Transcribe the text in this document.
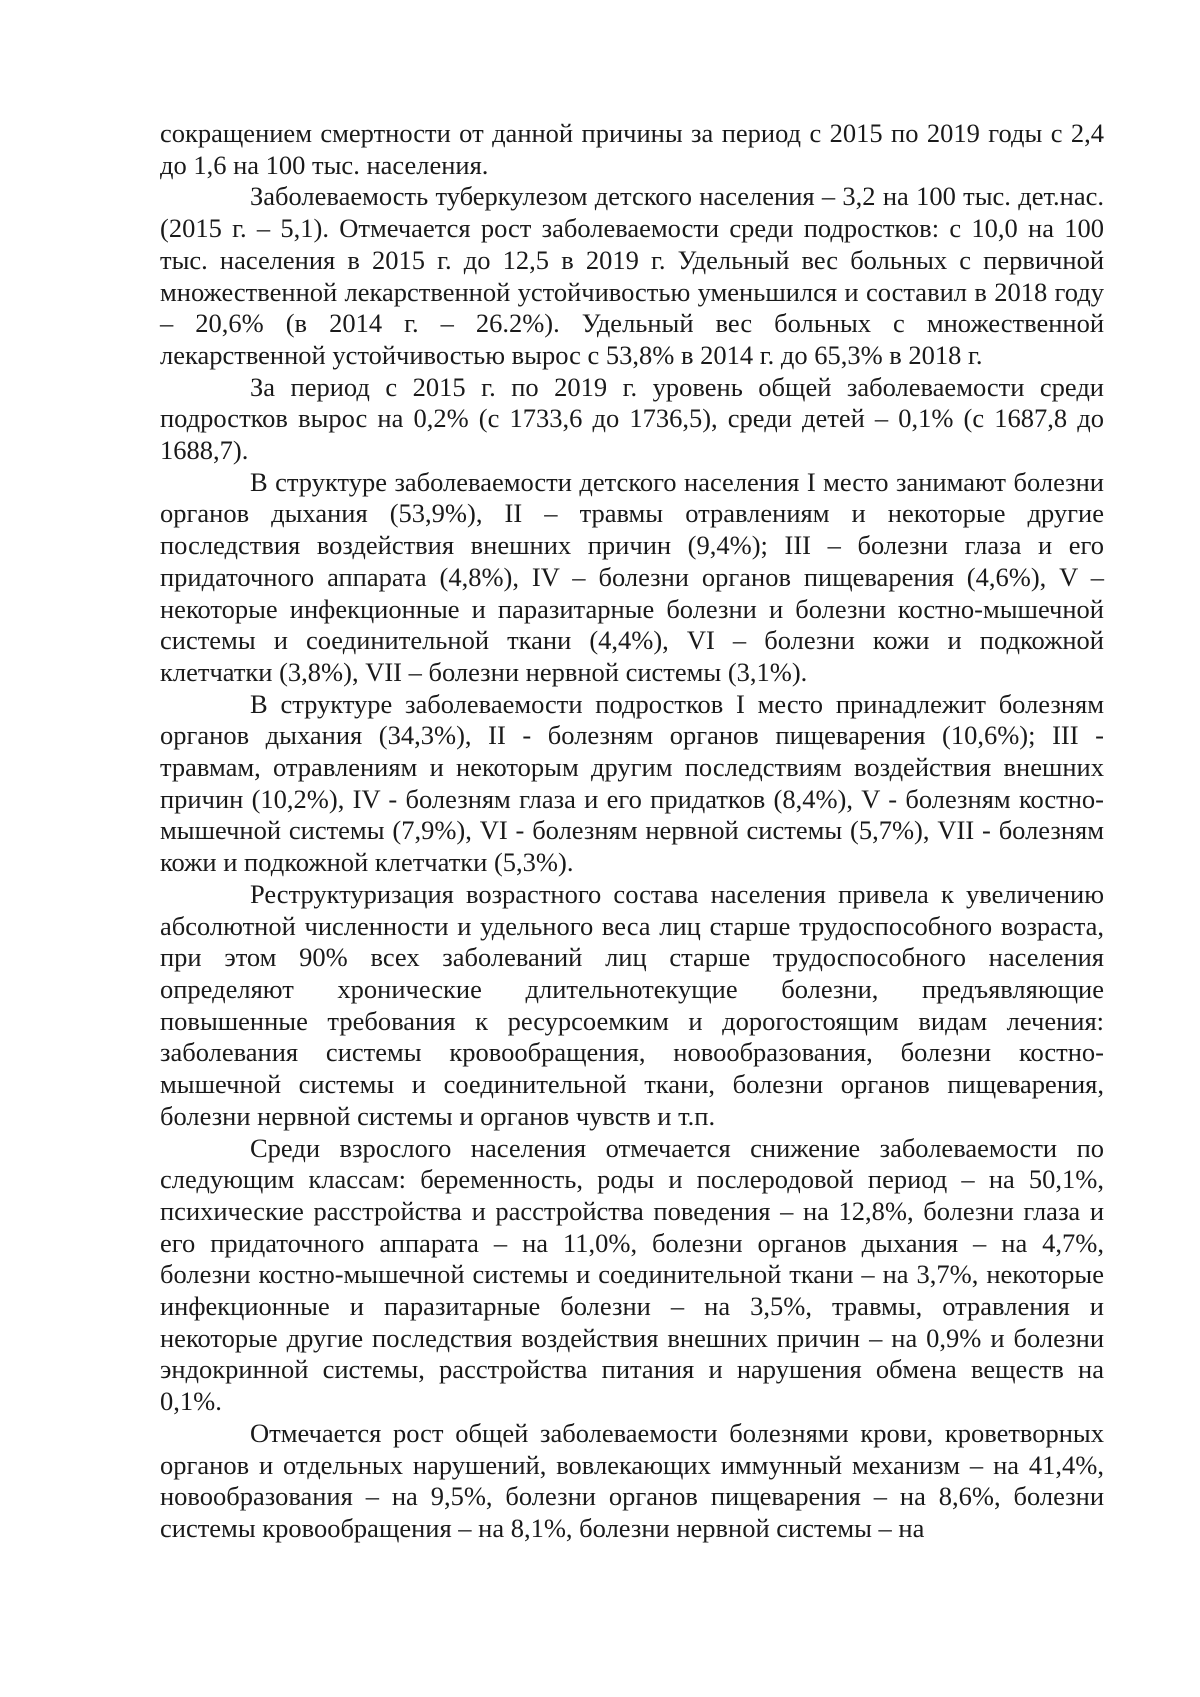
сокращением смертности от данной причины за период с 2015 по 2019 годы с 2,4 до 1,6 на 100 тыс. населения.

Заболеваемость туберкулезом детского населения – 3,2 на 100 тыс. дет.нас. (2015 г. – 5,1). Отмечается рост заболеваемости среди подростков: с 10,0 на 100 тыс. населения в 2015 г. до 12,5 в 2019 г. Удельный вес больных с первичной множественной лекарственной устойчивостью уменьшился и составил в 2018 году – 20,6% (в 2014 г. – 26.2%). Удельный вес больных с множественной лекарственной устойчивостью вырос с 53,8% в 2014 г. до 65,3% в 2018 г.

За период с 2015 г. по 2019 г. уровень общей заболеваемости среди подростков вырос на 0,2% (с 1733,6 до 1736,5), среди детей – 0,1% (с 1687,8 до 1688,7).

В структуре заболеваемости детского населения I место занимают болезни органов дыхания (53,9%), II – травмы отравлениям и некоторые другие последствия воздействия внешних причин (9,4%); III – болезни глаза и его придаточного аппарата (4,8%), IV – болезни органов пищеварения (4,6%), V – некоторые инфекционные и паразитарные болезни и болезни костно-мышечной системы и соединительной ткани (4,4%), VI – болезни кожи и подкожной клетчатки (3,8%), VII – болезни нервной системы (3,1%).

В структуре заболеваемости подростков I место принадлежит болезням органов дыхания (34,3%), II - болезням органов пищеварения (10,6%); III - травмам, отравлениям и некоторым другим последствиям воздействия внешних причин (10,2%), IV - болезням глаза и его придатков (8,4%), V - болезням костно-мышечной системы (7,9%), VI - болезням нервной системы (5,7%), VII - болезням кожи и подкожной клетчатки (5,3%).

Реструктуризация возрастного состава населения привела к увеличению абсолютной численности и удельного веса лиц старше трудоспособного возраста, при этом 90% всех заболеваний лиц старше трудоспособного населения определяют хронические длительнотекущие болезни, предъявляющие повышенные требования к ресурсоемким и дорогостоящим видам лечения: заболевания системы кровообращения, новообразования, болезни костно-мышечной системы и соединительной ткани, болезни органов пищеварения, болезни нервной системы и органов чувств и т.п.

Среди взрослого населения отмечается снижение заболеваемости по следующим классам: беременность, роды и послеродовой период – на 50,1%, психические расстройства и расстройства поведения – на 12,8%, болезни глаза и его придаточного аппарата – на 11,0%, болезни органов дыхания – на 4,7%, болезни костно-мышечной системы и соединительной ткани – на 3,7%, некоторые инфекционные и паразитарные болезни – на 3,5%, травмы, отравления и некоторые другие последствия воздействия внешних причин – на 0,9% и болезни эндокринной системы, расстройства питания и нарушения обмена веществ на 0,1%.

Отмечается рост общей заболеваемости болезнями крови, кроветворных органов и отдельных нарушений, вовлекающих иммунный механизм – на 41,4%, новообразования – на 9,5%, болезни органов пищеварения – на 8,6%, болезни системы кровообращения – на 8,1%, болезни нервной системы – на
